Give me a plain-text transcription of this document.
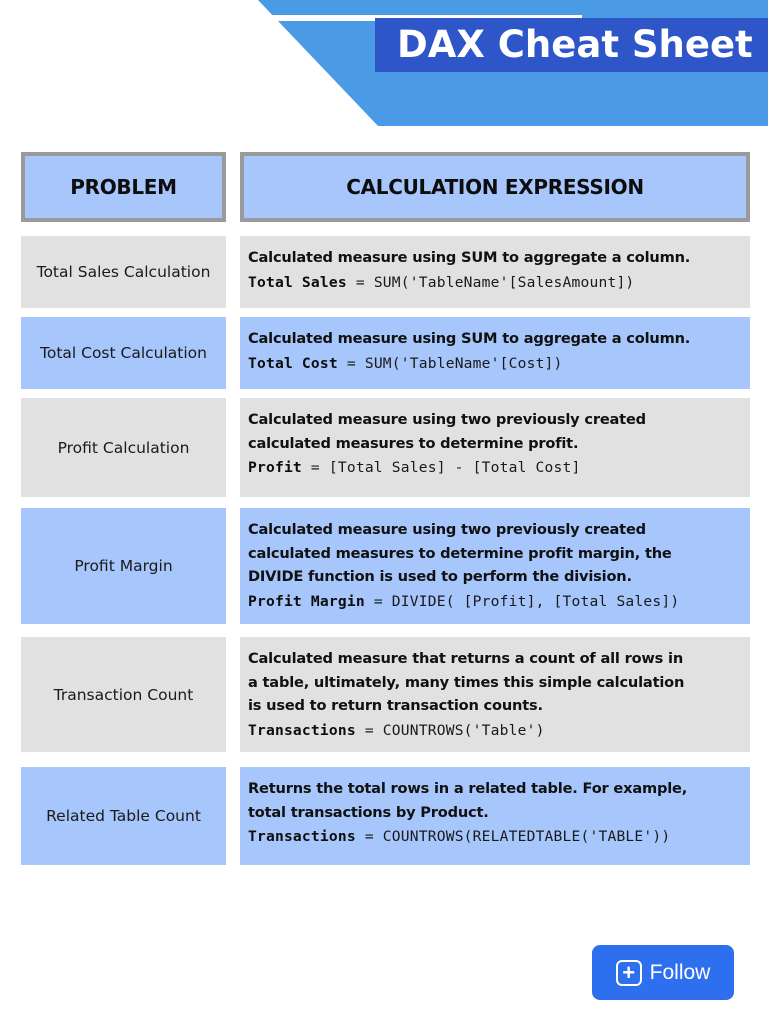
DAX Cheat Sheet
PROBLEM	CALCULATION EXPRESSION
Total Sales Calculation
Calculated measure using SUM to aggregate a column.
Total Sales = SUM('TableName'[SalesAmount])
Total Cost Calculation
Calculated measure using SUM to aggregate a column.
Total Cost = SUM('TableName'[Cost])
Profit Calculation
Calculated measure using two previously created
calculated measures to determine profit.
Profit = [Total Sales] - [Total Cost]
Profit Margin
Calculated measure using two previously created
calculated measures to determine profit margin, the
DIVIDE function is used to perform the division.
Profit Margin = DIVIDE( [Profit], [Total Sales])
Transaction Count
Calculated measure that returns a count of all rows in
a table, ultimately, many times this simple calculation
is used to return transaction counts.
Transactions = COUNTROWS('Table')
Related Table Count
Returns the total rows in a related table. For example,
total transactions by Product.
Transactions = COUNTROWS(RELATEDTABLE('TABLE'))
+ Follow
